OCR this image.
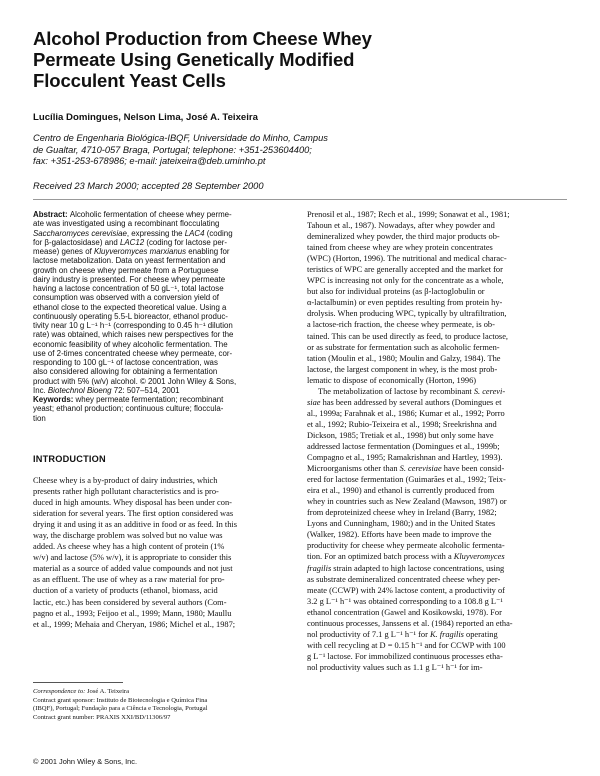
Alcohol Production from Cheese Whey
Permeate Using Genetically Modified
Flocculent Yeast Cells
Lucília Domingues, Nelson Lima, José A. Teixeira
Centro de Engenharia Biológica-IBQF, Universidade do Minho, Campus
de Gualtar, 4710-057 Braga, Portugal; telephone: +351-253604400;
fax: +351-253-678986; e-mail: jateixeira@deb.uminho.pt
Received 23 March 2000; accepted 28 September 2000
Abstract: Alcoholic fermentation of cheese whey perme-
ate was investigated using a recombinant flocculating
Saccharomyces cerevisiae, expressing the LAC4 (coding
for β-galactosidase) and LAC12 (coding for lactose per-
mease) genes of Kluyveromyces marxianus enabling for
lactose metabolization. Data on yeast fermentation and
growth on cheese whey permeate from a Portuguese
dairy industry is presented. For cheese whey permeate
having a lactose concentration of 50 gL⁻¹, total lactose
consumption was observed with a conversion yield of
ethanol close to the expected theoretical value. Using a
continuously operating 5.5-L bioreactor, ethanol produc-
tivity near 10 g L⁻¹ h⁻¹ (corresponding to 0.45 h⁻¹ dilution
rate) was obtained, which raises new perspectives for the
economic feasibility of whey alcoholic fermentation. The
use of 2-times concentrated cheese whey permeate, cor-
responding to 100 gL⁻¹ of lactose concentration, was
also considered allowing for obtaining a fermentation
product with 5% (w/v) alcohol. © 2001 John Wiley & Sons,
Inc. Biotechnol Bioeng 72: 507–514, 2001
Keywords: whey permeate fermentation; recombinant
yeast; ethanol production; continuous culture; floccula-
tion
INTRODUCTION
Cheese whey is a by-product of dairy industries, which
presents rather high pollutant characteristics and is pro-
duced in high amounts. Whey disposal has been under con-
sideration for several years. The first option considered was
drying it and using it as an additive in food or as feed. In this
way, the discharge problem was solved but no value was
added. As cheese whey has a high content of protein (1%
w/v) and lactose (5% w/v), it is appropriate to consider this
material as a source of added value compounds and not just
as an effluent. The use of whey as a raw material for pro-
duction of a variety of products (ethanol, biomass, acid
lactic, etc.) has been considered by several authors (Com-
pagno et al., 1993; Feijoo et al., 1999; Mann, 1980; Maullu
et al., 1999; Mehaia and Cheryan, 1986; Michel et al., 1987;
Prenosil et al., 1987; Rech et al., 1999; Sonawat et al., 1981;
Tahoun et al., 1987). Nowadays, after whey powder and
demineralized whey powder, the third major products ob-
tained from cheese whey are whey protein concentrates
(WPC) (Horton, 1996). The nutritional and medical charac-
teristics of WPC are generally accepted and the market for
WPC is increasing not only for the concentrate as a whole,
but also for individual proteins (as β-lactoglobulin or
α-lactalbumin) or even peptides resulting from protein hy-
drolysis. When producing WPC, typically by ultrafiltration,
a lactose-rich fraction, the cheese whey permeate, is ob-
tained. This can be used directly as feed, to produce lactose,
or as substrate for fermentation such as alcoholic fermen-
tation (Moulin et al., 1980; Moulin and Galzy, 1984). The
lactose, the largest component in whey, is the most prob-
lematic to dispose of economically (Horton, 1996)
The metabolization of lactose by recombinant S. cerevi-
siae has been addressed by several authors (Domingues et
al., 1999a; Farahnak et al., 1986; Kumar et al., 1992; Porro
et al., 1992; Rubio-Teixeira et al., 1998; Sreekrishna and
Dickson, 1985; Tretiak et al., 1998) but only some have
addressed lactose fermentation (Domingues et al., 1999b;
Compagno et al., 1995; Ramakrishnan and Hartley, 1993).
Microorganisms other than S. cerevisiae have been consid-
ered for lactose fermentation (Guimarães et al., 1992; Teix-
eira et al., 1990) and ethanol is currently produced from
whey in countries such as New Zealand (Mawson, 1987) or
from deproteinized cheese whey in Ireland (Barry, 1982;
Lyons and Cunningham, 1980;) and in the United States
(Walker, 1982). Efforts have been made to improve the
productivity for cheese whey permeate alcoholic fermenta-
tion. For an optimized batch process with a Kluyveromyces
fragilis strain adapted to high lactose concentrations, using
as substrate demineralized concentrated cheese whey per-
meate (CCWP) with 24% lactose content, a productivity of
3.2 g L⁻¹ h⁻¹ was obtained corresponding to a 108.8 g L⁻¹
ethanol concentration (Gawel and Kosikowski, 1978). For
continuous processes, Janssens et al. (1984) reported an etha-
nol productivity of 7.1 g L⁻¹ h⁻¹ for K. fragilis operating
with cell recycling at D = 0.15 h⁻¹ and for CCWP with 100
g L⁻¹ lactose. For immobilized continuous processes etha-
nol productivity values such as 1.1 g L⁻¹ h⁻¹ for im-
Correspondence to: José A. Teixeira
Contract grant sponsor: Instituto de Biotecnologia e Química Fina
(IBQF), Portugal; Fundação para a Ciência e Tecnologia, Portugal
Contract grant number: PRAXIS XXI/BD/11306/97
© 2001 John Wiley & Sons, Inc.
